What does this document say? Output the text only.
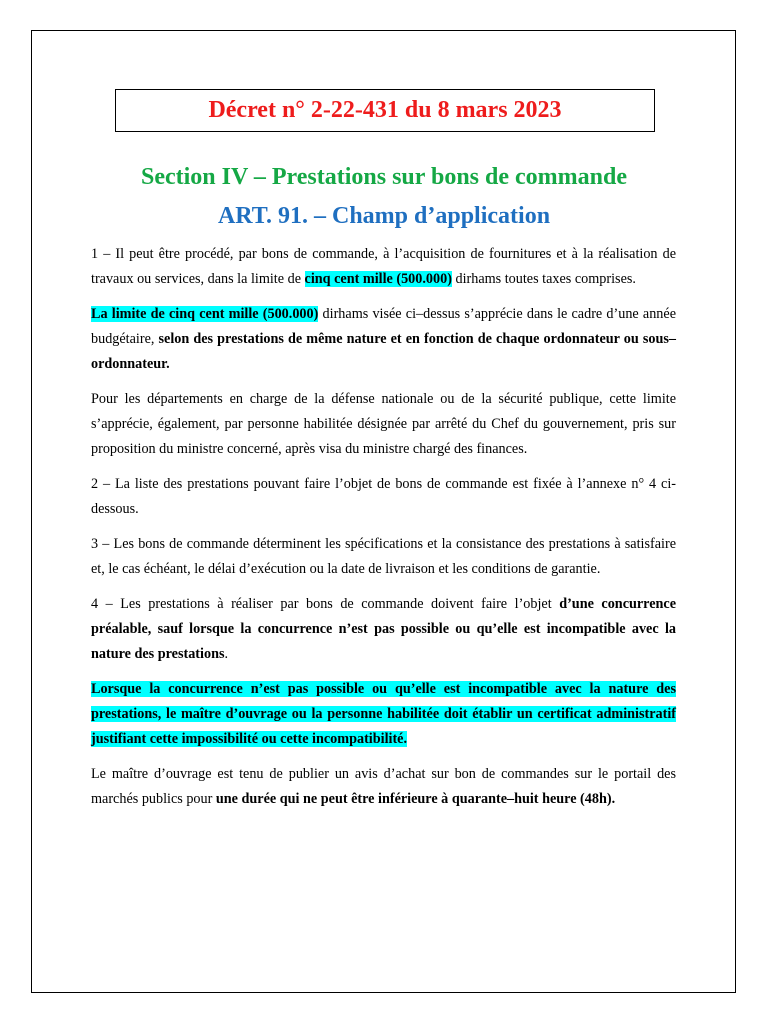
Décret n° 2-22-431 du 8 mars 2023
Section IV – Prestations sur bons de commande
ART. 91. – Champ d’application

1 – Il peut être procédé, par bons de commande, à l’acquisition de fournitures et à la réalisation de travaux ou services, dans la limite de cinq cent mille (500.000) dirhams toutes taxes comprises.

La limite de cinq cent mille (500.000) dirhams visée ci–dessus s’apprécie dans le cadre d’une année budgétaire, selon des prestations de même nature et en fonction de chaque ordonnateur ou sous–ordonnateur.

Pour les départements en charge de la défense nationale ou de la sécurité publique, cette limite s’apprécie, également, par personne habilitée désignée par arrêté du Chef du gouvernement, pris sur proposition du ministre concerné, après visa du ministre chargé des finances.

2 – La liste des prestations pouvant faire l’objet de bons de commande est fixée à l’annexe n° 4 ci-dessous.

3 – Les bons de commande déterminent les spécifications et la consistance des prestations à satisfaire et, le cas échéant, le délai d’exécution ou la date de livraison et les conditions de garantie.

4 – Les prestations à réaliser par bons de commande doivent faire l’objet d’une concurrence préalable, sauf lorsque la concurrence n’est pas possible ou qu’elle est incompatible avec la nature des prestations.

Lorsque la concurrence n’est pas possible ou qu’elle est incompatible avec la nature des prestations, le maître d’ouvrage ou la personne habilitée doit établir un certificat administratif justifiant cette impossibilité ou cette incompatibilité.

Le maître d’ouvrage est tenu de publier un avis d’achat sur bon de commandes sur le portail des marchés publics pour une durée qui ne peut être inférieure à quarante–huit heure (48h).
